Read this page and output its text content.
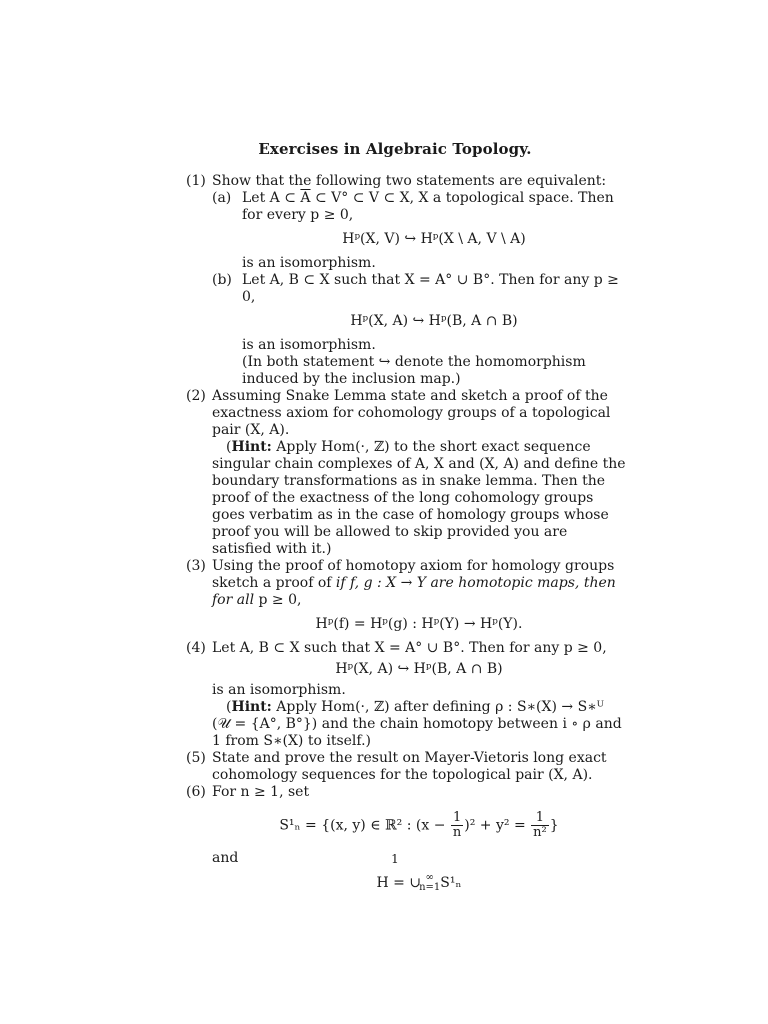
Exercises in Algebraic Topology.
(1) Show that the following two statements are equivalent:
(a) Let A ⊂ $\overline{A}$ ⊂ V° ⊂ V ⊂ X, X a topological space. Then for every p ≥ 0,
Hᵖ(X, V) ↪ Hᵖ(X \ A, V \ A)
is an isomorphism.
(b) Let A, B ⊂ X such that X = A° ∪ B°. Then for any p ≥ 0,
Hᵖ(X, A) ↪ Hᵖ(B, A ∩ B)
is an isomorphism.
(In both statement ↪ denote the homomorphism induced by the inclusion map.)
(2) Assuming Snake Lemma state and sketch a proof of the exactness axiom for cohomology groups of a topological pair (X, A).
(Hint: Apply Hom(·, ℤ) to the short exact sequence singular chain complexes of A, X and (X, A) and define the boundary transformations as in snake lemma. Then the proof of the exactness of the long cohomology groups goes verbatim as in the case of homology groups whose proof you will be allowed to skip provided you are satisfied with it.)
(3) Using the proof of homotopy axiom for homology groups sketch a proof of if f, g : X → Y are homotopic maps, then for all p ≥ 0,
Hᵖ(f) = Hᵖ(g) : Hᵖ(Y) → Hᵖ(Y).
(4) Let A, B ⊂ X such that X = A° ∪ B°. Then for any p ≥ 0,
Hᵖ(X, A) ↪ Hᵖ(B, A ∩ B)
is an isomorphism.
(Hint: Apply Hom(·, ℤ) after defining ρ : S∗(X) → S∗ᵁ (𝒰 = {A°, B°}) and the chain homotopy between i ∘ ρ and 1 from S∗(X) to itself.)
(5) State and prove the result on Mayer-Vietoris long exact cohomology sequences for the topological pair (X, A).
(6) For n ≥ 1, set
S¹ₙ = {(x, y) ∈ ℝ² : $(x - \frac{1}{n} )^2 + y^2 = \frac{1}{\text{n²}}$ }
and
H = ∪ ∞
n=1 S¹ₙ
1
